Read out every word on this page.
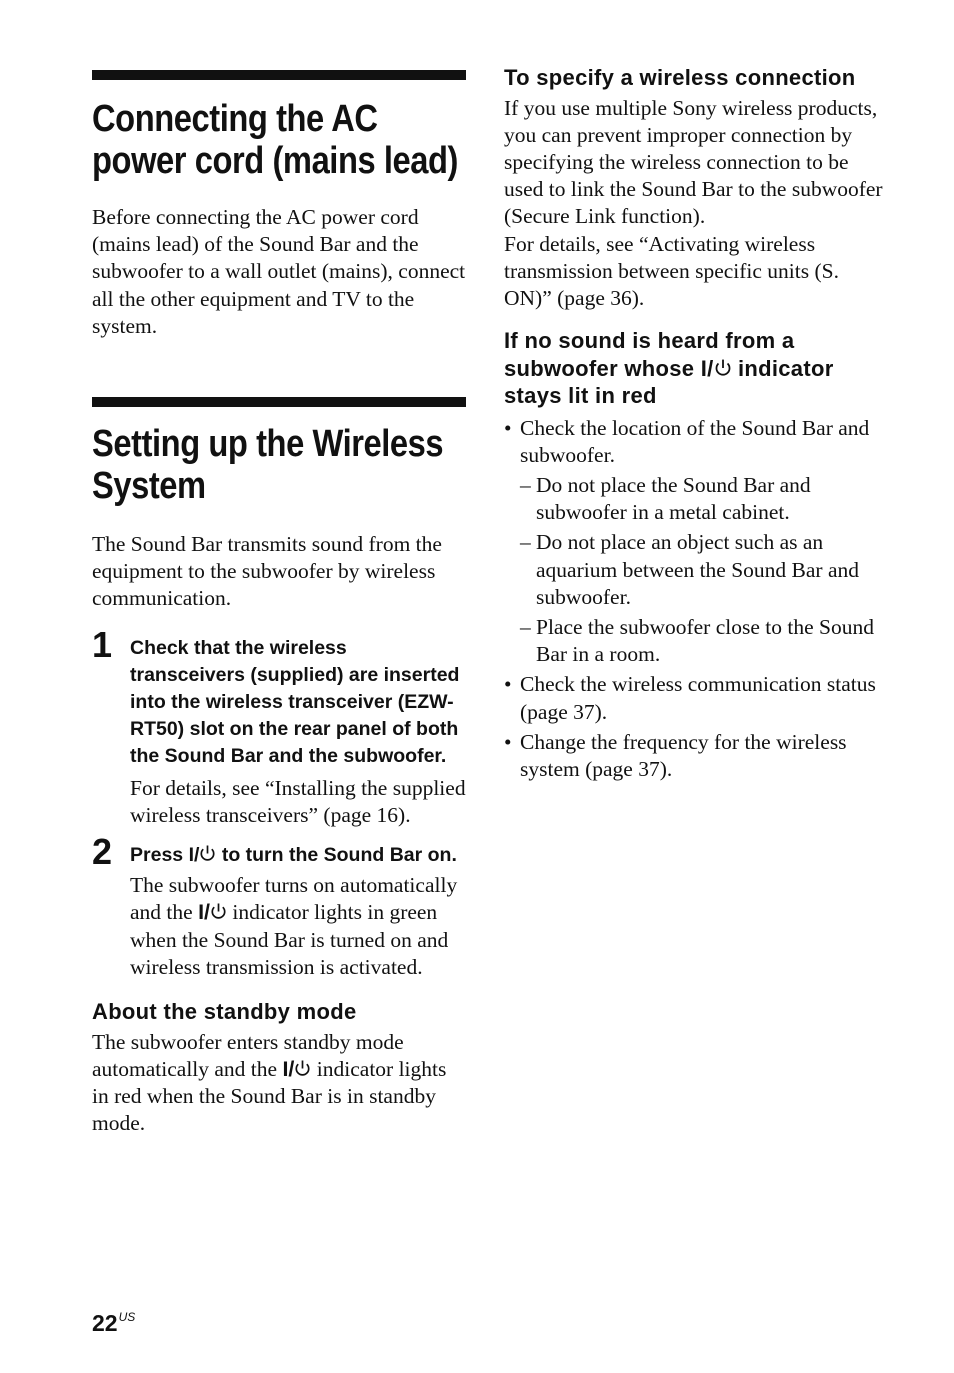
Connecting the AC power cord (mains lead)

Before connecting the AC power cord (mains lead) of the Sound Bar and the subwoofer to a wall outlet (mains), connect all the other equipment and TV to the system.

Setting up the Wireless System

The Sound Bar transmits sound from the equipment to the subwoofer by wireless communication.

1 Check that the wireless transceivers (supplied) are inserted into the wireless transceiver (EZW-RT50) slot on the rear panel of both the Sound Bar and the subwoofer.

For details, see “Installing the supplied wireless transceivers” (page 16).

2 Press I/ to turn the Sound Bar on.

The subwoofer turns on automatically and the I/ indicator lights in green when the Sound Bar is turned on and wireless transmission is activated.

About the standby mode

The subwoofer enters standby mode automatically and the I/ indicator lights in red when the Sound Bar is in standby mode.

To specify a wireless connection

If you use multiple Sony wireless products, you can prevent improper connection by specifying the wireless connection to be used to link the Sound Bar to the subwoofer (Secure Link function).

For details, see “Activating wireless transmission between specific units (S. ON)” (page 36).

If no sound is heard from a subwoofer whose I/ indicator stays lit in red

• Check the location of the Sound Bar and subwoofer.
– Do not place the Sound Bar and subwoofer in a metal cabinet.
– Do not place an object such as an aquarium between the Sound Bar and subwoofer.
– Place the subwoofer close to the Sound Bar in a room.
• Check the wireless communication status (page 37).
• Change the frequency for the wireless system (page 37).
$22^{US}$
